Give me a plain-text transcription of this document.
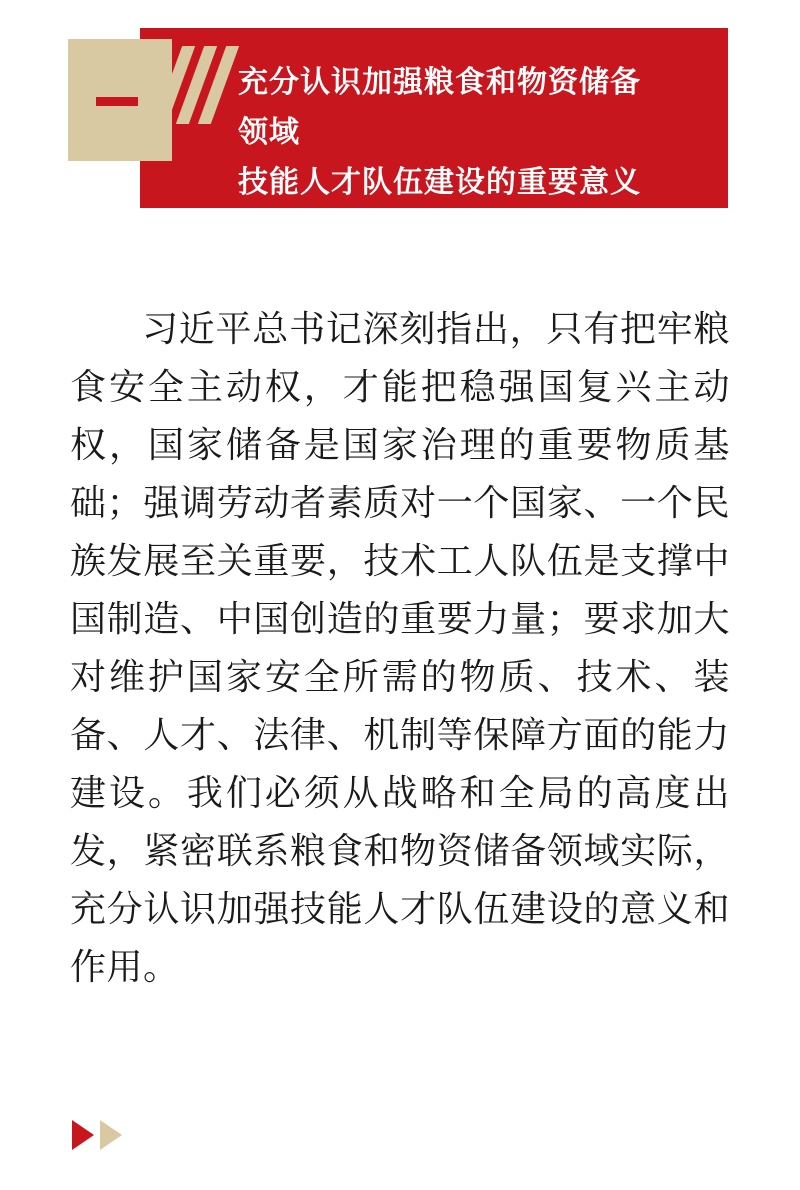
充分认识加强粮食和物资储备
领域
技能人才队伍建设的重要意义
习近平总书记深刻指出，只有把牢粮食安全主动权，才能把稳强国复兴主动权，国家储备是国家治理的重要物质基础；强调劳动者素质对一个国家、一个民族发展至关重要，技术工人队伍是支撑中国制造、中国创造的重要力量；要求加大对维护国家安全所需的物质、技术、装备、人才、法律、机制等保障方面的能力建设。我们必须从战略和全局的高度出发，紧密联系粮食和物资储备领域实际，充分认识加强技能人才队伍建设的意义和作用。
